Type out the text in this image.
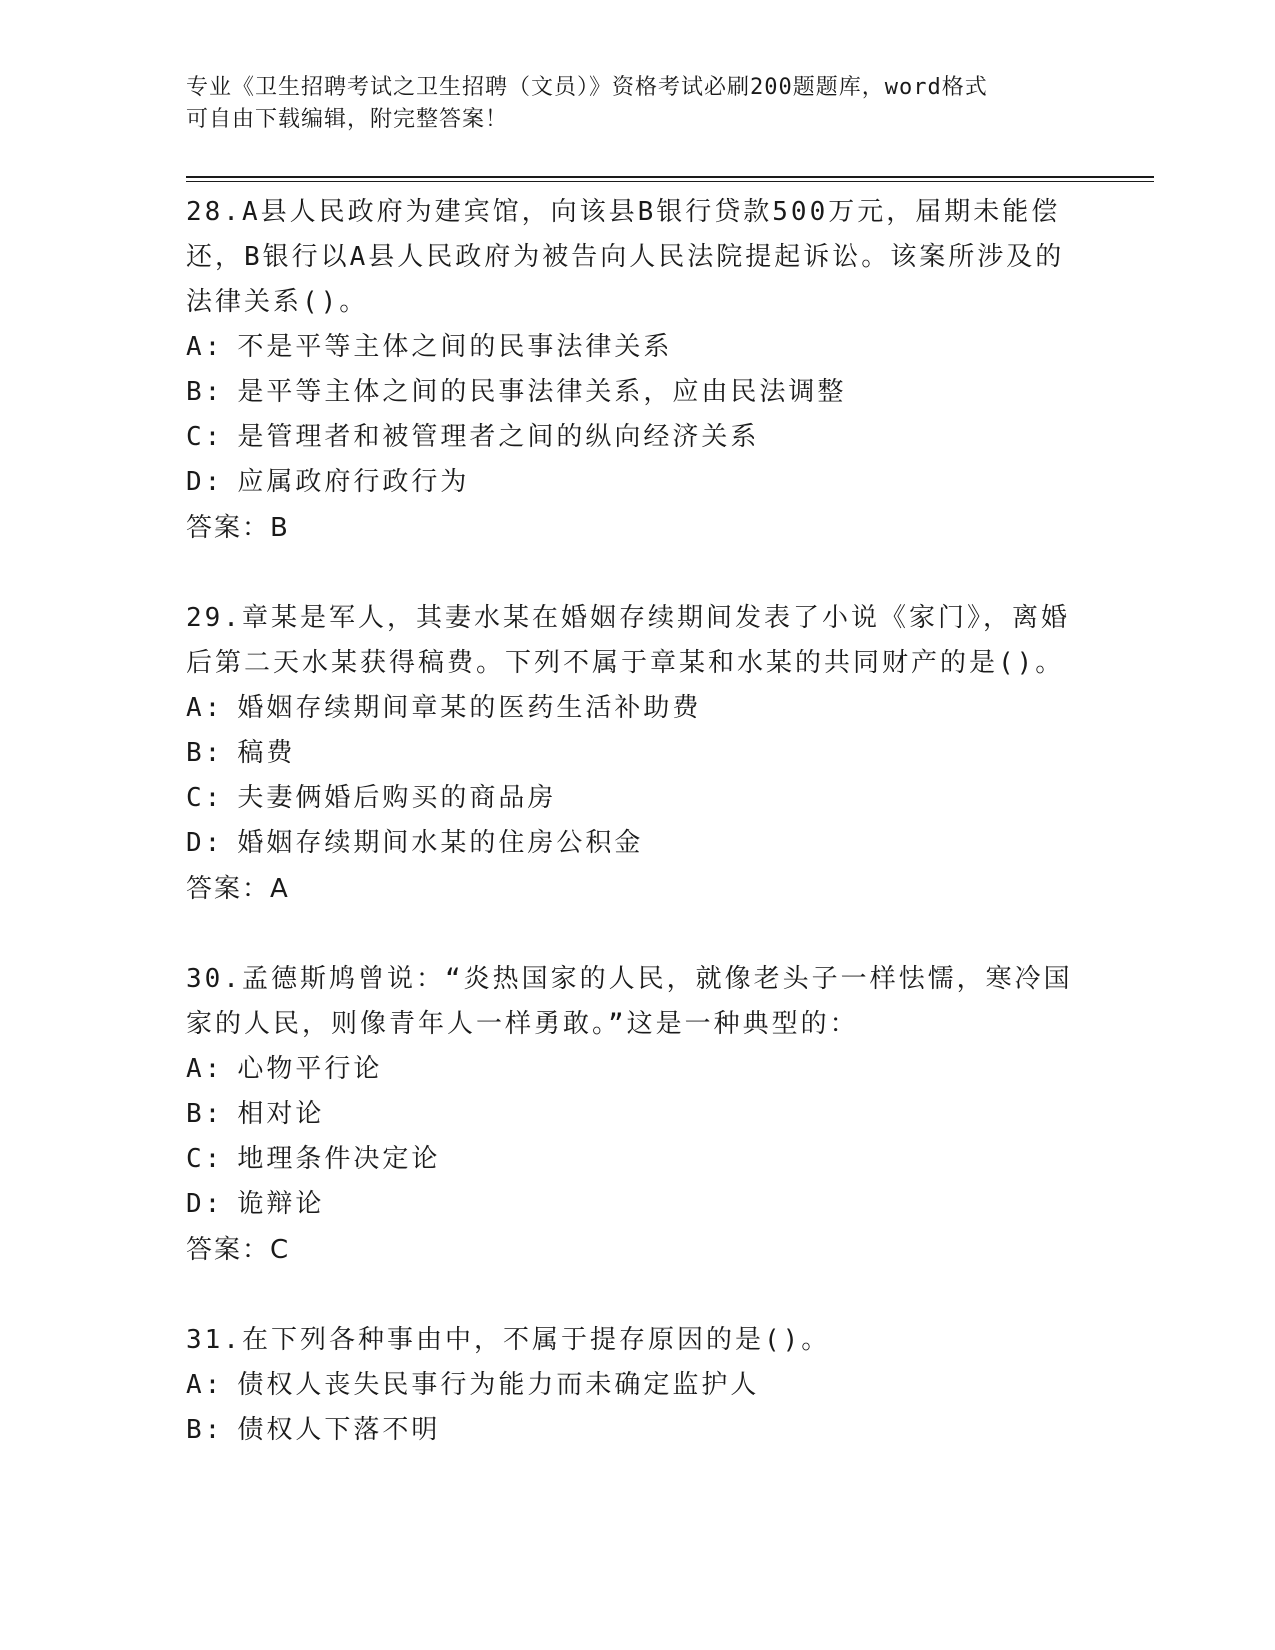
专业《卫生招聘考试之卫生招聘（文员）》资格考试必刷200题题库，word格式
可自由下载编辑，附完整答案！
28.A县人民政府为建宾馆，向该县B银行贷款500万元，届期未能偿
还，B银行以A县人民政府为被告向人民法院提起诉讼。该案所涉及的
法律关系()。
A: 不是平等主体之间的民事法律关系
B: 是平等主体之间的民事法律关系，应由民法调整
C: 是管理者和被管理者之间的纵向经济关系
D: 应属政府行政行为
答案：B
29.章某是军人，其妻水某在婚姻存续期间发表了小说《家门》，离婚
后第二天水某获得稿费。下列不属于章某和水某的共同财产的是()。
A: 婚姻存续期间章某的医药生活补助费
B: 稿费
C: 夫妻俩婚后购买的商品房
D: 婚姻存续期间水某的住房公积金
答案：A
30.孟德斯鸠曾说：“炎热国家的人民，就像老头子一样怯懦，寒冷国
家的人民，则像青年人一样勇敢。”这是一种典型的：
A: 心物平行论
B: 相对论
C: 地理条件决定论
D: 诡辩论
答案：C
31.在下列各种事由中，不属于提存原因的是()。
A: 债权人丧失民事行为能力而未确定监护人
B: 债权人下落不明
